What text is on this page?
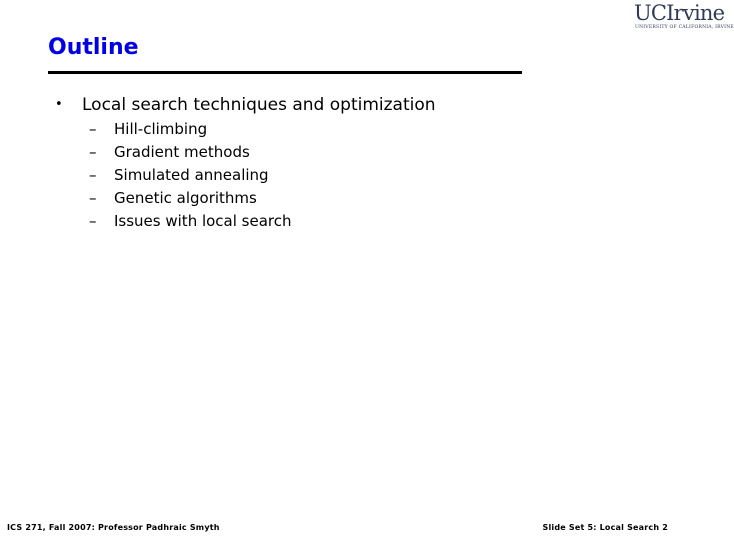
UCIrvine
UNIVERSITY OF CALIFORNIA, IRVINE
Outline
• Local search techniques and optimization
– Hill-climbing
– Gradient methods
– Simulated annealing
– Genetic algorithms
– Issues with local search
ICS 271, Fall 2007: Professor Padhraic Smyth	Slide Set 5: Local Search 2
